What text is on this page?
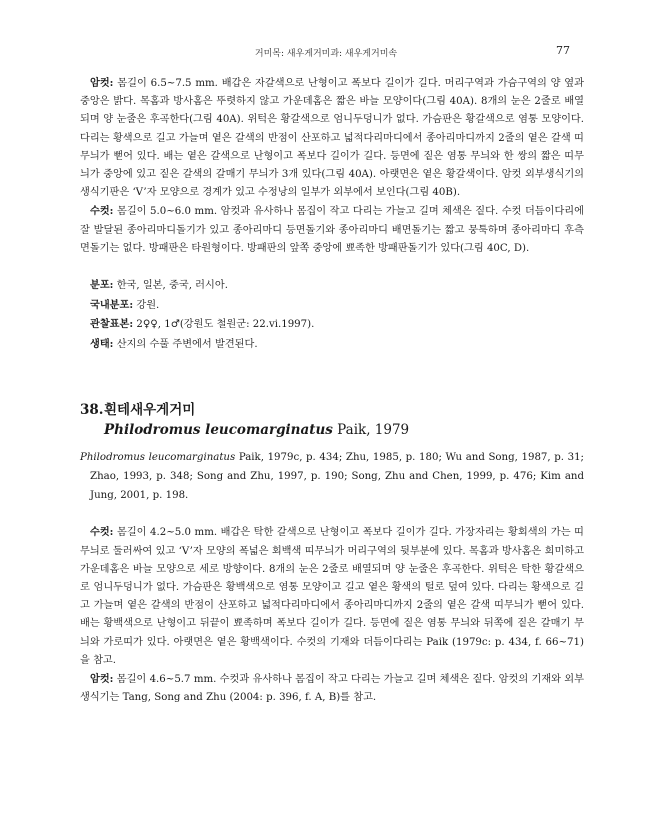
거미목: 새우게거미과: 새우게거미속	77

암컷: 몸길이 6.5~7.5 mm. 배갑은 자갈색으로 난형이고 폭보다 길이가 길다. 머리구역과 가슴구역의 양 옆과 중앙은 밝다. 목홈과 방사홈은 뚜렷하지 않고 가운데홈은 짧은 바늘 모양이다(그림 40A). 8개의 눈은 2줄로 배열되며 양 눈줄은 후곡한다(그림 40A). 위턱은 황갈색으로 엄니두덩니가 없다. 가슴판은 황갈색으로 염통 모양이다. 다리는 황색으로 길고 가늘며 옅은 갈색의 반점이 산포하고 넓적다리마디에서 종아리마디까지 2줄의 옅은 갈색 띠무늬가 뻗어 있다. 배는 옅은 갈색으로 난형이고 폭보다 길이가 길다. 등면에 짙은 염통 무늬와 한 쌍의 짧은 띠무늬가 중앙에 있고 짙은 갈색의 갈매기 무늬가 3개 있다(그림 40A). 아랫면은 옅은 황갈색이다. 암컷 외부생식기의 생식기판은 ‘V’자 모양으로 경계가 있고 수정낭의 일부가 외부에서 보인다(그림 40B).

수컷: 몸길이 5.0~6.0 mm. 암컷과 유사하나 몸집이 작고 다리는 가늘고 길며 체색은 짙다. 수컷 더듬이다리에 잘 발달된 종아리마디돌기가 있고 종아리마디 등면돌기와 종아리마디 배면돌기는 짧고 뭉툭하며 종아리마디 후측면돌기는 없다. 방패판은 타원형이다. 방패판의 앞쪽 중앙에 뾰족한 방패판돌기가 있다(그림 40C, D).

분포: 한국, 일본, 중국, 러시아.
국내분포: 강원.
관찰표본: 2♀♀, 1♂(강원도 철원군: 22.vi.1997).
생태: 산지의 수풀 주변에서 발견된다.
38.흰테새우게거미
Philodromus leucomarginatus Paik, 1979

Philodromus leucomarginatus Paik, 1979c, p. 434; Zhu, 1985, p. 180; Wu and Song, 1987, p. 31; Zhao, 1993, p. 348; Song and Zhu, 1997, p. 190; Song, Zhu and Chen, 1999, p. 476; Kim and Jung, 2001, p. 198.

수컷: 몸길이 4.2~5.0 mm. 배갑은 탁한 갈색으로 난형이고 폭보다 길이가 길다. 가장자리는 황회색의 가는 띠무늬로 둘러싸여 있고 ‘V’자 모양의 폭넓은 회백색 띠무늬가 머리구역의 뒷부분에 있다. 목홈과 방사홈은 희미하고 가운데홈은 바늘 모양으로 세로 방향이다. 8개의 눈은 2줄로 배열되며 양 눈줄은 후곡한다. 위턱은 탁한 황갈색으로 엄니두덩니가 없다. 가슴판은 황백색으로 염통 모양이고 길고 옅은 황색의 털로 덮여 있다. 다리는 황색으로 길고 가늘며 옅은 갈색의 반점이 산포하고 넓적다리마디에서 종아리마디까지 2줄의 옅은 갈색 띠무늬가 뻗어 있다. 배는 황백색으로 난형이고 뒤끝이 뾰족하며 폭보다 길이가 길다. 등면에 짙은 염통 무늬와 뒤쪽에 짙은 갈매기 무늬와 가로띠가 있다. 아랫면은 옅은 황백색이다. 수컷의 기재와 더듬이다리는 Paik (1979c: p. 434, f. 66~71)을 참고.

암컷: 몸길이 4.6~5.7 mm. 수컷과 유사하나 몸집이 작고 다리는 가늘고 길며 체색은 짙다. 암컷의 기재와 외부생식기는 Tang, Song and Zhu (2004: p. 396, f. A, B)를 참고.
